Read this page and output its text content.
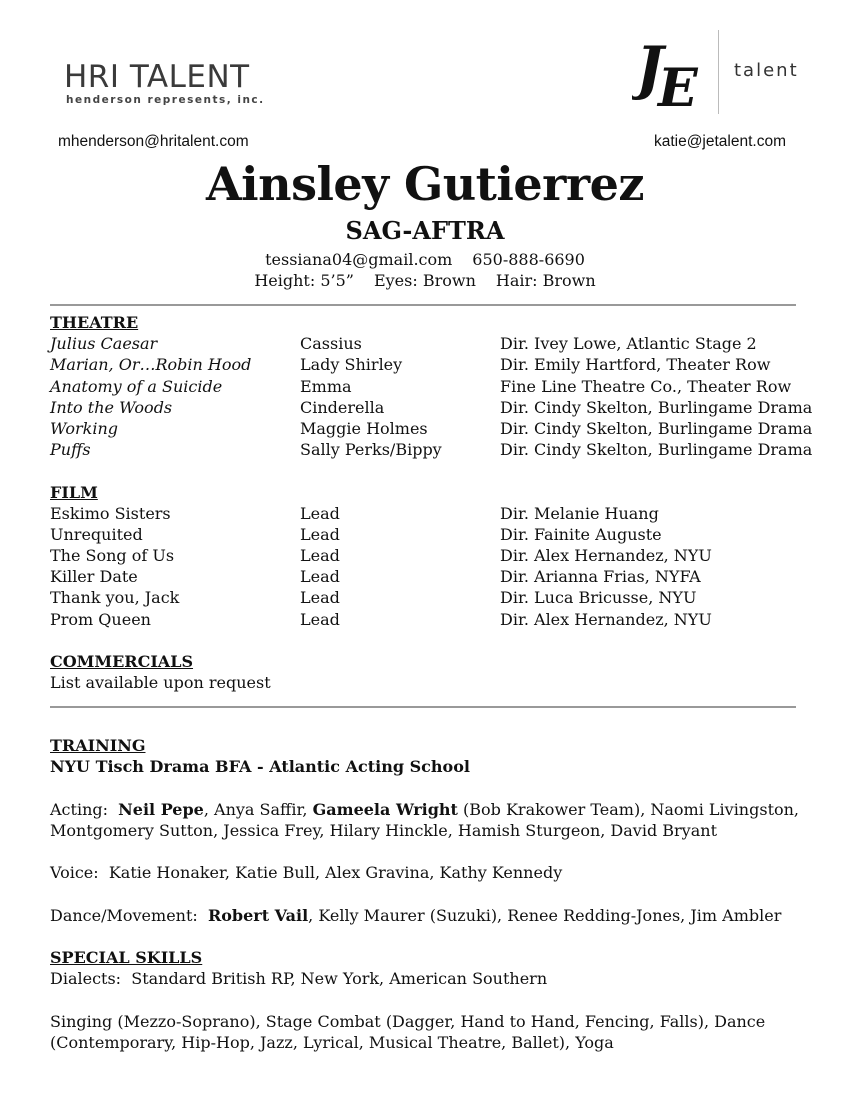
HRI TALENT
henderson represents, inc.	J
E talent
mhenderson@hritalent.com	katie@jetalent.com
Ainsley Gutierrez
SAG-AFTRA
tessiana04@gmail.com 650-888-6690
Height: 5’5” Eyes: Brown Hair: Brown
THEATRE
Julius Caesar	Cassius	Dir. Ivey Lowe, Atlantic Stage 2
Marian, Or…Robin Hood	Lady Shirley	Dir. Emily Hartford, Theater Row
Anatomy of a Suicide	Emma	Fine Line Theatre Co., Theater Row
Into the Woods	Cinderella	Dir. Cindy Skelton, Burlingame Drama
Working	Maggie Holmes	Dir. Cindy Skelton, Burlingame Drama
Puffs	Sally Perks/Bippy	Dir. Cindy Skelton, Burlingame Drama
FILM
Eskimo Sisters	Lead	Dir. Melanie Huang
Unrequited	Lead	Dir. Fainite Auguste
The Song of Us	Lead	Dir. Alex Hernandez, NYU
Killer Date	Lead	Dir. Arianna Frias, NYFA
Thank you, Jack	Lead	Dir. Luca Bricusse, NYU
Prom Queen	Lead	Dir. Alex Hernandez, NYU
COMMERCIALS
List available upon request

TRAINING

NYU Tisch Drama BFA - Atlantic Acting School

Acting: Neil Pepe, Anya Saffir, Gameela Wright (Bob Krakower Team), Naomi Livingston,

Montgomery Sutton, Jessica Frey, Hilary Hinckle, Hamish Sturgeon, David Bryant

Voice: Katie Honaker, Katie Bull, Alex Gravina, Kathy Kennedy

Dance/Movement: Robert Vail, Kelly Maurer (Suzuki), Renee Redding-Jones, Jim Ambler

SPECIAL SKILLS

Dialects: Standard British RP, New York, American Southern

Singing (Mezzo-Soprano), Stage Combat (Dagger, Hand to Hand, Fencing, Falls), Dance

(Contemporary, Hip-Hop, Jazz, Lyrical, Musical Theatre, Ballet), Yoga
